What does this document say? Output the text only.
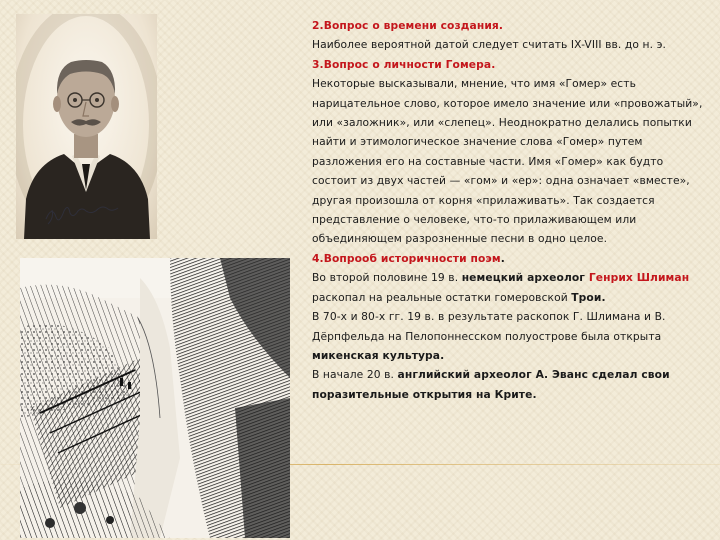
2.Вопрос о времени создания.

Наиболее вероятной датой следует считать IX-VIII вв. до н. э.

3.Вопрос о личности Гомера.

Некоторые высказывали, мнение, что имя «Гомер» есть нарицательное слово, которое имело значение или «провожатый», или «заложник», или «слепец». Неоднократно делались попытки найти и этимологическое значение слова «Гомер» путем разложения его на составные части. Имя «Гомер» как будто состоит из двух частей — «гом» и «ер»: одна означает «вместе», другая произошла от корня «прилаживать». Так создается представление о человеке, что-то прилаживающем или объединяющем разрозненные песни в одно целое.

4.Вопрооб историчности поэм.

Во второй половине 19 в. немецкий археолог Генрих Шлиман раскопал на реальные остатки гомеровской Трои.

В 70-х и 80-х гг. 19 в. в результате раскопок Г. Шлимана и В. Дёрпфельда на Пелопоннесском полуострове была открыта микенская культура.

В начале 20 в. английский археолог А. Эванс сделал свои поразительные открытия на Крите.
